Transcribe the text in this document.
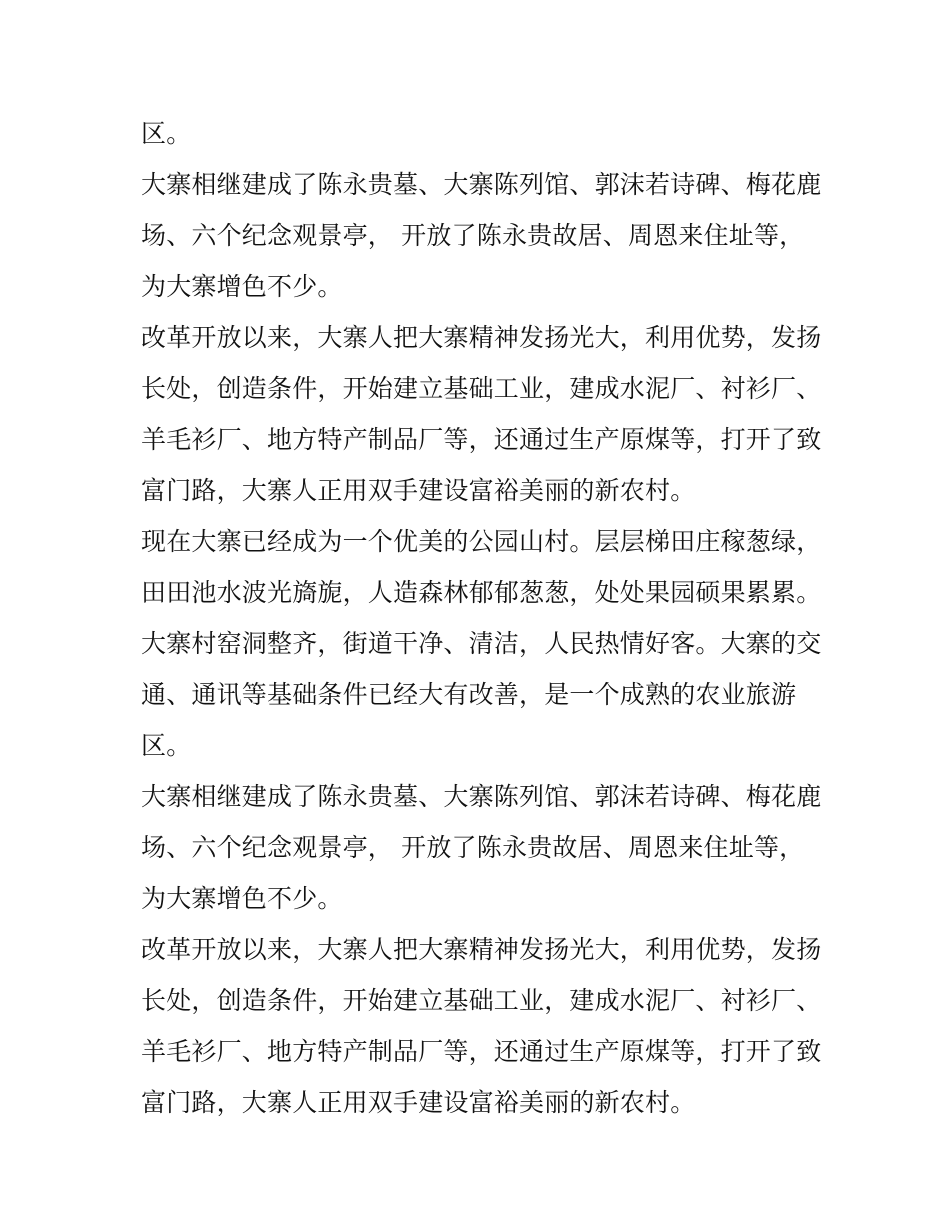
区。
大寨相继建成了陈永贵墓、大寨陈列馆、郭沫若诗碑、梅花鹿
场、六个纪念观景亭， 开放了陈永贵故居、周恩来住址等，
为大寨增色不少。
改革开放以来，大寨人把大寨精神发扬光大，利用优势，发扬
长处，创造条件，开始建立基础工业，建成水泥厂、衬衫厂、
羊毛衫厂、地方特产制品厂等，还通过生产原煤等，打开了致
富门路，大寨人正用双手建设富裕美丽的新农村。
现在大寨已经成为一个优美的公园山村。层层梯田庄稼葱绿，
田田池水波光旖旎，人造森林郁郁葱葱，处处果园硕果累累。
大寨村窑洞整齐，街道干净、清洁，人民热情好客。大寨的交
通、通讯等基础条件已经大有改善，是一个成熟的农业旅游
区。
大寨相继建成了陈永贵墓、大寨陈列馆、郭沫若诗碑、梅花鹿
场、六个纪念观景亭， 开放了陈永贵故居、周恩来住址等，
为大寨增色不少。
改革开放以来，大寨人把大寨精神发扬光大，利用优势，发扬
长处，创造条件，开始建立基础工业，建成水泥厂、衬衫厂、
羊毛衫厂、地方特产制品厂等，还通过生产原煤等，打开了致
富门路，大寨人正用双手建设富裕美丽的新农村。
